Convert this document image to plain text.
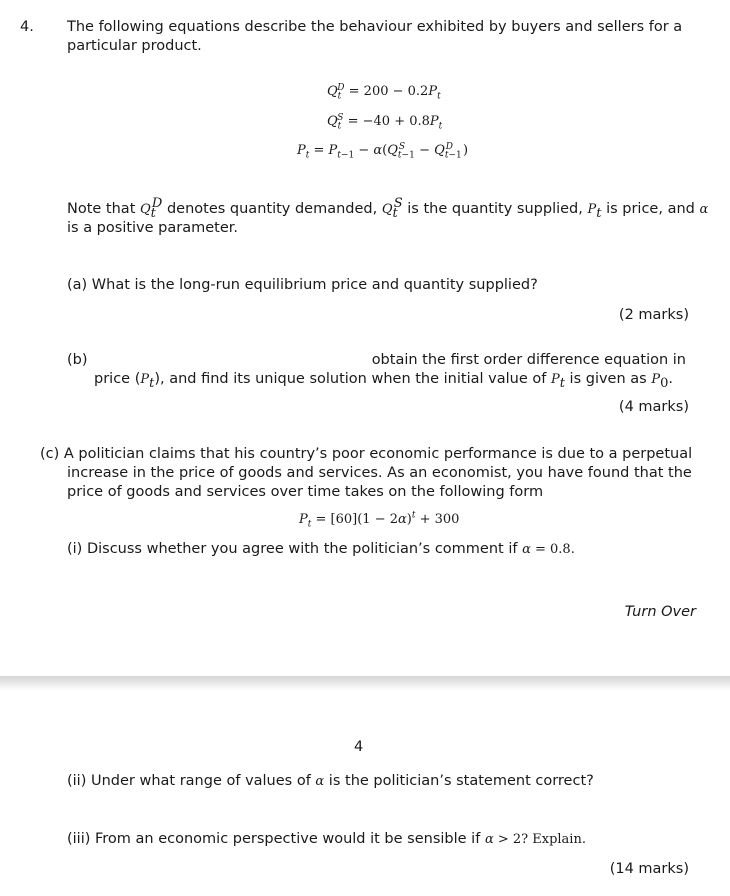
4. The following equations describe the behaviour exhibited by buyers and sellers for a
particular product.
$Q_t^D = 200 - 0.2P_t$
$Q_t^S = -40 + 0.8P_t$
$P_t = P_{t-1} - \alpha(Q_{t-1}^S - Q_{t-1}^D$ )
Note that $Q_t^D$ denotes quantity demanded, $Q_t^S$ is the quantity supplied, $P_t$ is price, and α
is a positive parameter.
(a) What is the long-run equilibrium price and quantity supplied?
(2 marks)
(b)	obtain the first order difference equation in
price $(P_t)$, and find its unique solution when the initial value of $P_t$ is given as $P_0$.
(4 marks)
(c) A politician claims that his country’s poor economic performance is due to a perpetual
increase in the price of goods and services. As an economist, you have found that the
price of goods and services over time takes on the following form
$P_t = [60](1 - 2\alpha)^t + 300$
(i) Discuss whether you agree with the politician’s comment if α = 0.8.
Turn Over
4
(ii) Under what range of values of α is the politician’s statement correct?
(iii) From an economic perspective would it be sensible if α > 2? Explain.
(14 marks)
